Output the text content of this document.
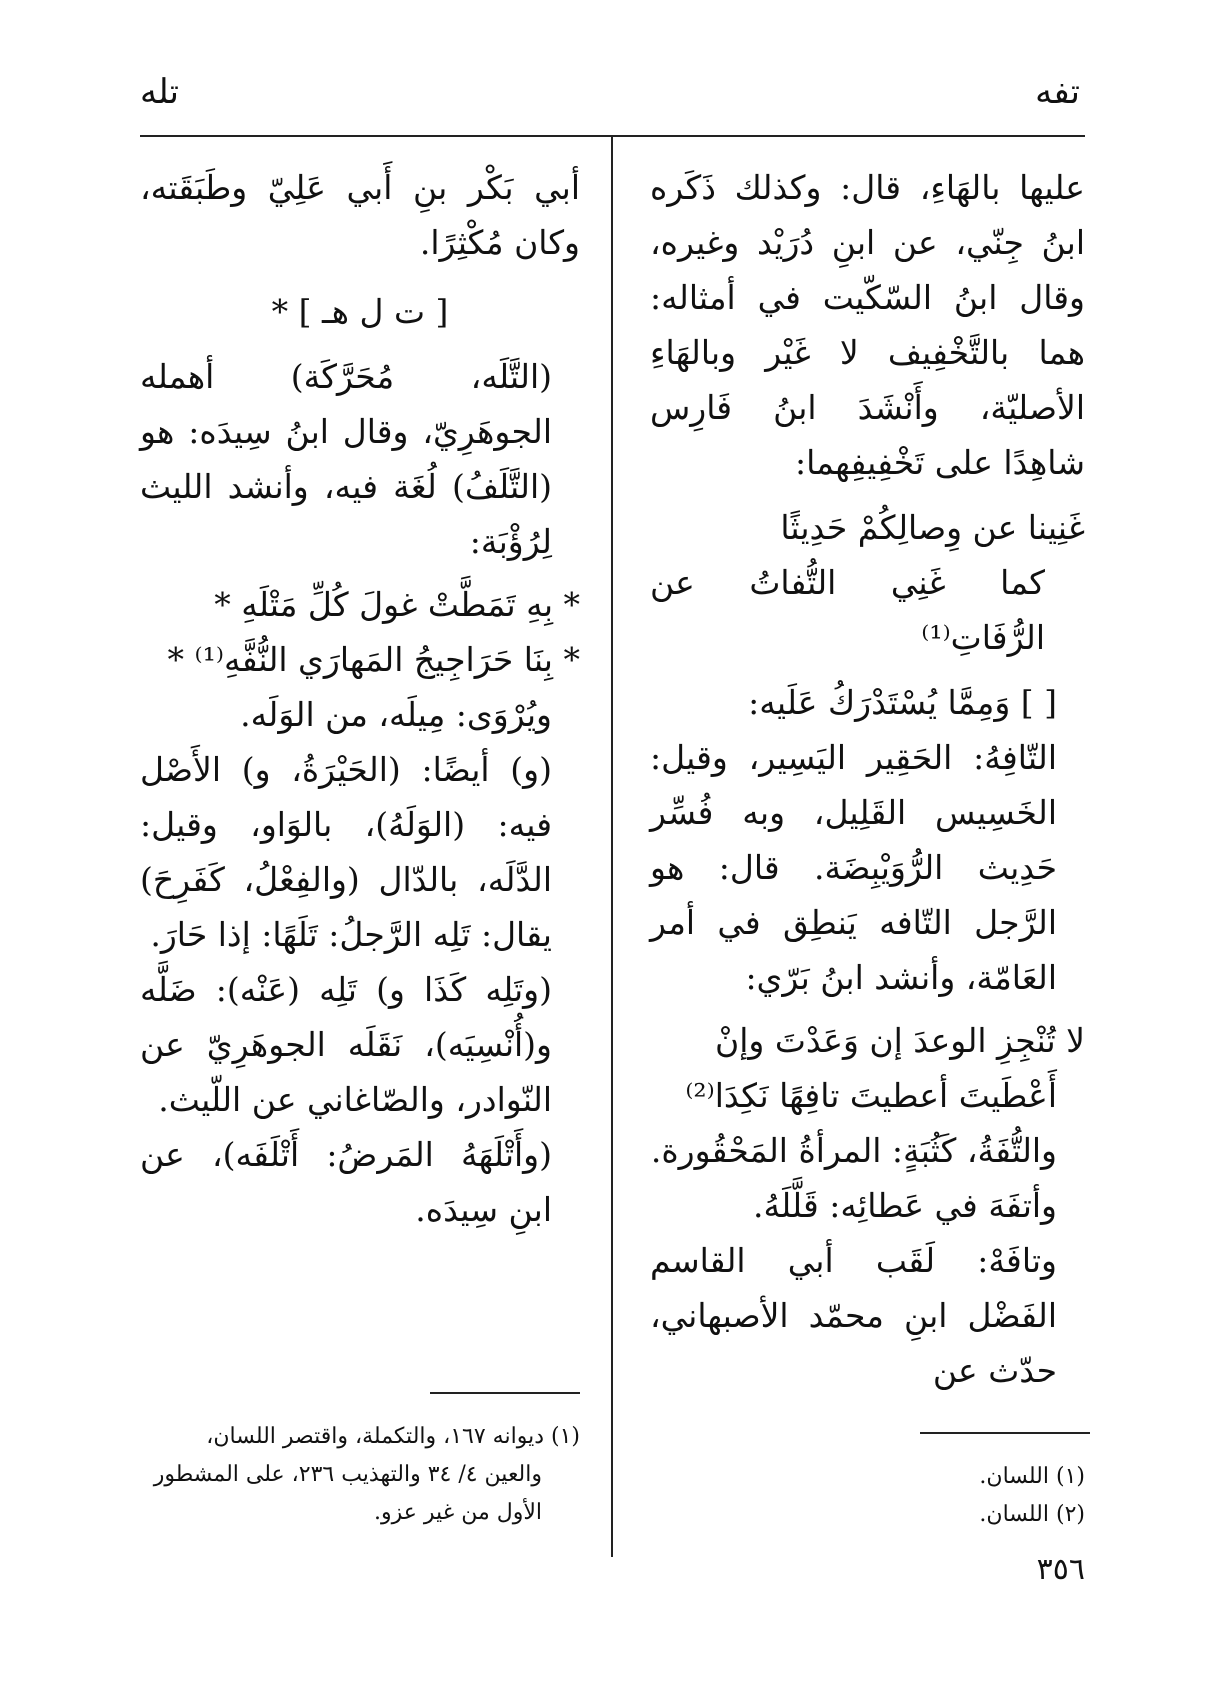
تفه
تله

عليها بالهَاءِ، قال: وكذلك ذَكَره ابنُ جِنّي، عن ابنِ دُرَيْد وغيره، وقال ابنُ السّكّيت في أمثاله: هما بالتَّخْفِيف لا غَيْر وبالهَاءِ الأصليّة، وأَنْشَدَ ابنُ فَارِس شاهِدًا على تَخْفِيفِهما:

غَنِينا عن وِصالِكُمْ حَدِيثًا

كما غَنِي التُّفاتُ عن الرُّفَاتِ⁽¹⁾

[ ] وَمِمَّا يُسْتَدْرَكُ عَلَيه:

التّافِهُ: الحَقِير اليَسِير، وقيل: الخَسِيس القَلِيل، وبه فُسِّر حَدِيث الرُّوَيْبِضَة. قال: هو الرَّجل التّافه يَنطِق في أمر العَامّة، وأنشد ابنُ بَرّي:

لا تُنْجِزِ الوعدَ إن وَعَدْتَ وإنْ

أَعْطَيتَ أعطيتَ تافِهًا نَكِدَا⁽²⁾

والتُّفَةُ، كَثُبَةٍ: المرأةُ المَحْقُورة.

وأتفَهَ في عَطائِه: قَلَّلَهُ.

وتافَهْ: لَقَب أبي القاسم الفَضْل ابنِ محمّد الأصبهاني، حدّث عن

(١) اللسان.
(٢) اللسان.

أبي بَكْر بنِ أَبي عَلِيّ وطَبَقَته، وكان مُكْثِرًا.

[ ت ل هـ ] *

(التَّلَه، مُحَرَّكَة) أهمله الجوهَرِيّ، وقال ابنُ سِيدَه: هو (التَّلَفُ) لُغَة فيه، وأنشد الليث لِرُؤْبَة:

* بِهِ تَمَطَّتْ غولَ كُلِّ مَتْلَهِ *

* بِنَا حَرَاجِيجُ المَهارَي النُّفَّهِ⁽¹⁾ *

ويُرْوَى: مِيلَه، من الوَلَه.

(و) أيضًا: (الحَيْرَةُ، و) الأَصْل فيه: (الوَلَهُ)، بالوَاو، وقيل: الدَّلَه، بالدّال (والفِعْلُ، كَفَرِحَ) يقال: تَلِه الرَّجلُ: تَلَهًا: إذا حَارَ.

(وتَلِه كَذَا و) تَلِه (عَنْه): ضَلَّه و(أُنْسِيَه)، نَقَلَه الجوهَرِيّ عن النّوادر، والصّاغاني عن اللّيث.

(وأَتْلَهَهُ المَرضُ: أَتْلَفَه)، عن ابنِ سِيدَه.

(١) ديوانه ١٦٧، والتكملة، واقتصر اللسان،
والعين ٤/ ٣٤ والتهذيب ٢٣٦، على المشطور
الأول من غير عزو.
٣٥٦
